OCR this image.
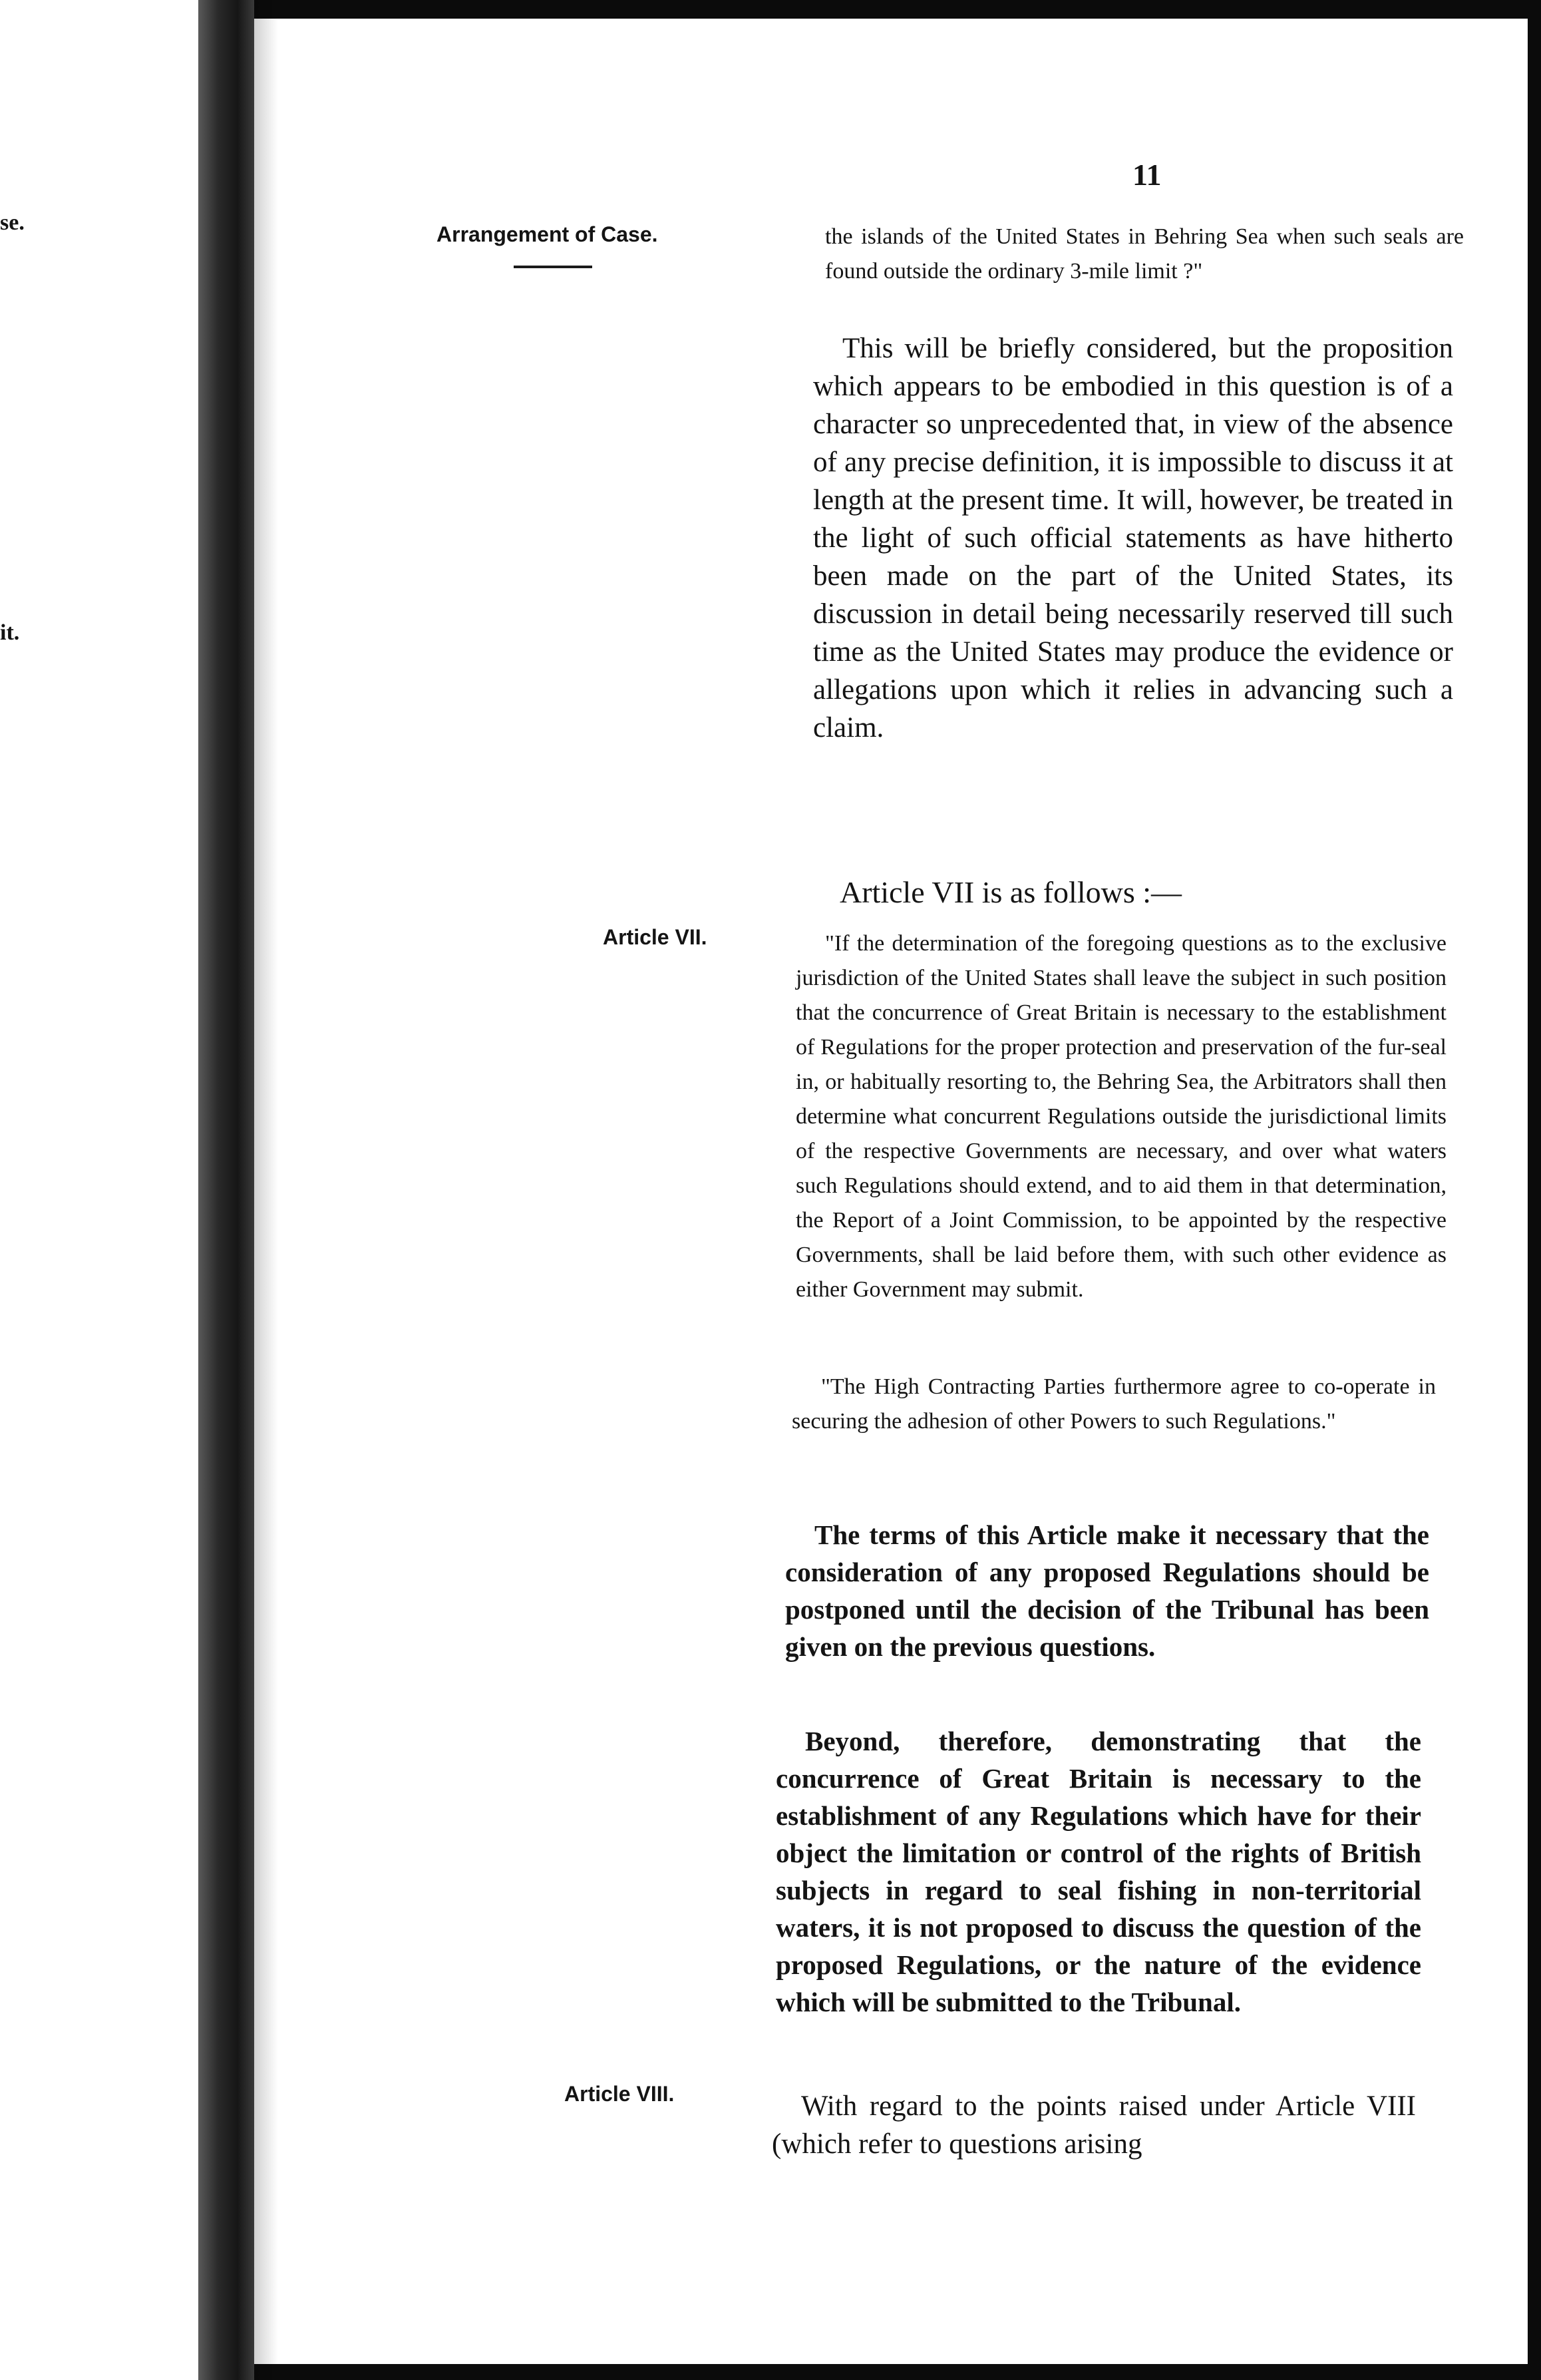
se.

it.

11

Arrangement of Case.	the islands of the United States in Behring Sea when such seals are found outside the ordinary 3-mile limit ?"

This will be briefly considered, but the proposition which appears to be embodied in this question is of a character so unprecedented that, in view of the absence of any precise definition, it is impossible to discuss it at length at the present time. It will, however, be treated in the light of such official statements as have hitherto been made on the part of the United States, its discussion in detail being necessarily reserved till such time as the United States may produce the evidence or allegations upon which it relies in advancing such a claim.

Article VII is as follows :—

Article VII.	"If the determination of the foregoing questions as to the exclusive jurisdiction of the United States shall leave the subject in such position that the concurrence of Great Britain is necessary to the establishment of Regulations for the proper protection and preservation of the fur-seal in, or habitually resorting to, the Behring Sea, the Arbitrators shall then determine what concurrent Regulations outside the jurisdictional limits of the respective Governments are necessary, and over what waters such Regulations should extend, and to aid them in that determination, the Report of a Joint Commission, to be appointed by the respective Governments, shall be laid before them, with such other evidence as either Government may submit.

"The High Contracting Parties furthermore agree to co-operate in securing the adhesion of other Powers to such Regulations."

The terms of this Article make it necessary that the consideration of any proposed Regulations should be postponed until the decision of the Tribunal has been given on the previous questions.

Beyond, therefore, demonstrating that the concurrence of Great Britain is necessary to the establishment of any Regulations which have for their object the limitation or control of the rights of British subjects in regard to seal fishing in non-territorial waters, it is not proposed to discuss the question of the proposed Regulations, or the nature of the evidence which will be submitted to the Tribunal.

Article VIII.	With regard to the points raised under Article VIII (which refer to questions arising
